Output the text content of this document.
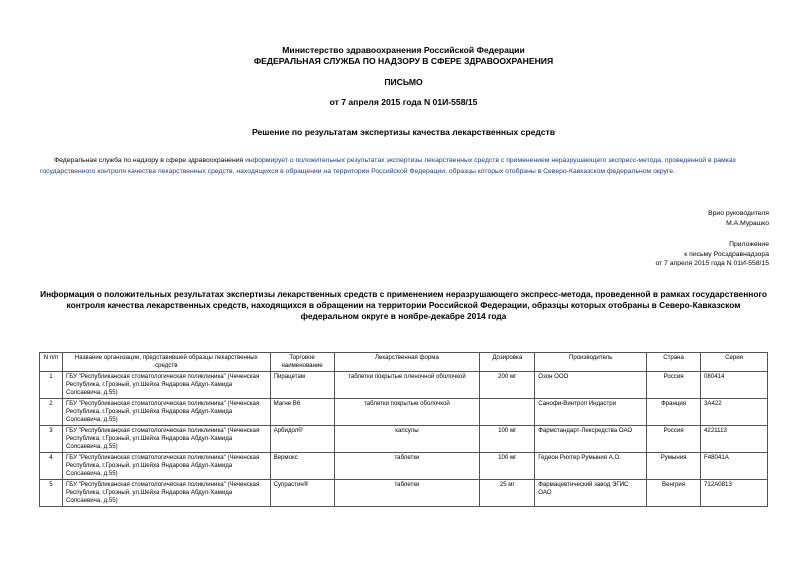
Министерство здравоохранения Российской Федерации
ФЕДЕРАЛЬНАЯ СЛУЖБА ПО НАДЗОРУ В СФЕРЕ ЗДРАВООХРАНЕНИЯ
ПИСЬМО
от 7 апреля 2015 года N 01И-558/15
Решение по результатам экспертизы качества лекарственных средств
Федеральная служба по надзору в сфере здравоохранения информирует о положительных результатах экспертизы лекарственных средств с применением неразрушающего экспресс-метода, проведенной в рамках государственного контроля качества лекарственных средств, находящихся в обращении на территории Российской Федерации, образцы которых отобраны в Северо-Кавказском федеральном округе.
Врио руководителя
М.А.Мурашко
Приложение
к письму Росздравнадзора
от 7 апреля 2015 года N 01И-558/15
Информация о положительных результатах экспертизы лекарственных средств с применением неразрушающего экспресс-метода, проведенной в рамках государственного контроля качества лекарственных средств, находящихся в обращении на территории Российской Федерации, образцы которых отобраны в Северо-Кавказском федеральном округе в ноябре-декабре 2014 года
N п/п	Название организации, представившей образцы лекарственных средств	Торговое наименование	Лекарственная форма	Дозировка	Производитель	Страна	Серия
1	ГБУ "Республиканская стоматологическая поликлиника" (Чеченская Республика, г.Грозный, ул.Шейха Яндарова Абдул-Хамида Солсаевича, д.55)	Пирацетам	таблетки покрытые пленочной оболочкой	200 мг	Озон ООО	Россия	080414
2	ГБУ "Республиканская стоматологическая поликлиника" (Чеченская Республика, г.Грозный, ул.Шейха Яндарова Абдул-Хамида Солсаевича, д.55)	Магне В6	таблетки покрытые оболочкой		Санофи-Винтроп Индастри	Франция	3А422
3	ГБУ "Республиканская стоматологическая поликлиника" (Чеченская Республика, г.Грозный, ул.Шейха Яндарова Абдул-Хамида Солсаевича, д.55)	Арбидол®	капсулы	100 мг	Фармстандарт-Лексредства ОАО	Россия	4221113
4	ГБУ "Республиканская стоматологическая поликлиника" (Чеченская Республика, г.Грозный, ул.Шейха Яндарова Абдул-Хамида Солсаевича, д.55)	Вермокс	таблетки	100 мг	Гедеон Рихтер Румыния А.О.	Румыния	F48041А
5	ГБУ "Республиканская стоматологическая поликлиника" (Чеченская Республика, г.Грозный, ул.Шейха Яндарова Абдул-Хамида Солсаевича, д.55)	Супрастин®	таблетки	25 мг	Фармацевтический завод ЭГИС ОАО	Венгрия	712А0813
